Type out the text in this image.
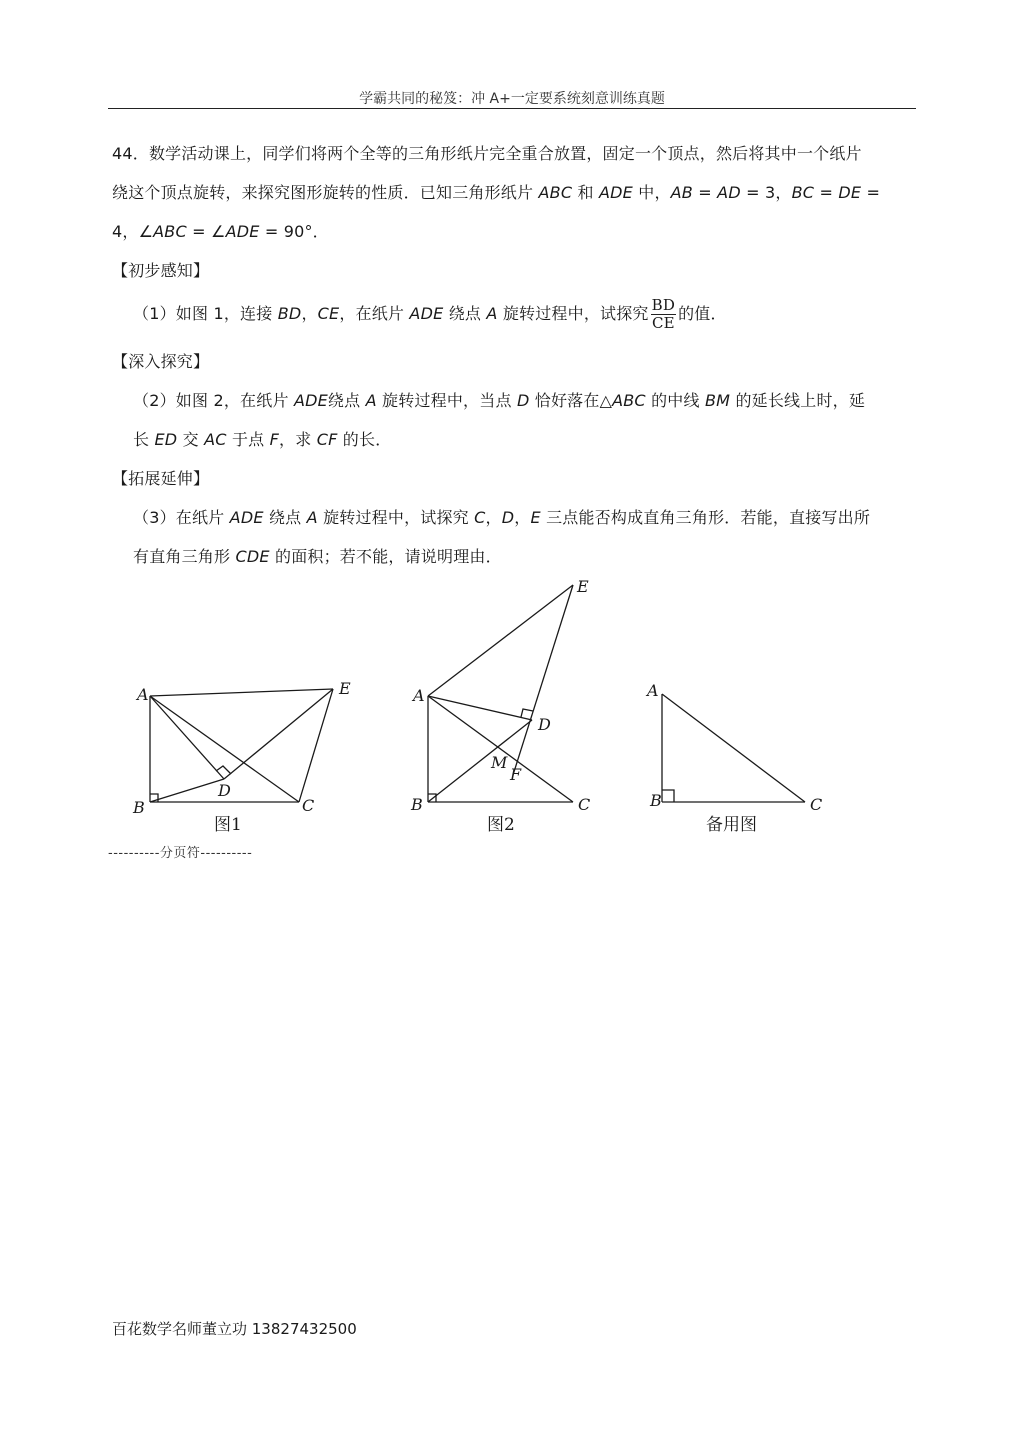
学霸共同的秘笈：冲 A+一定要系统刻意训练真题
44．数学活动课上，同学们将两个全等的三角形纸片完全重合放置，固定一个顶点，然后将其中一个纸片
绕这个顶点旋转，来探究图形旋转的性质．已知三角形纸片 ABC 和 ADE 中，AB = AD = 3，BC = DE =
4，∠ABC = ∠ADE = 90°．
【初步感知】
（1）如图 1，连接 BD，CE，在纸片 ADE 绕点 A 旋转过程中，试探究 $\frac{BD}{CE}$ 的值．
【深入探究】
（2）如图 2，在纸片 ADE绕点 A 旋转过程中，当点 D 恰好落在△ABC 的中线 BM 的延长线上时，延
长 ED 交 AC 于点 F，求 CF 的长．
【拓展延伸】
（3）在纸片 ADE 绕点 A 旋转过程中，试探究 C，D，E 三点能否构成直角三角形．若能，直接写出所
有直角三角形 CDE 的面积；若不能，请说明理由．
A
B	C
D
E
图1
A
B	C
D
E
M
F
图2
A
B	C
备用图
----------分页符----------
百花数学名师董立功 13827432500
